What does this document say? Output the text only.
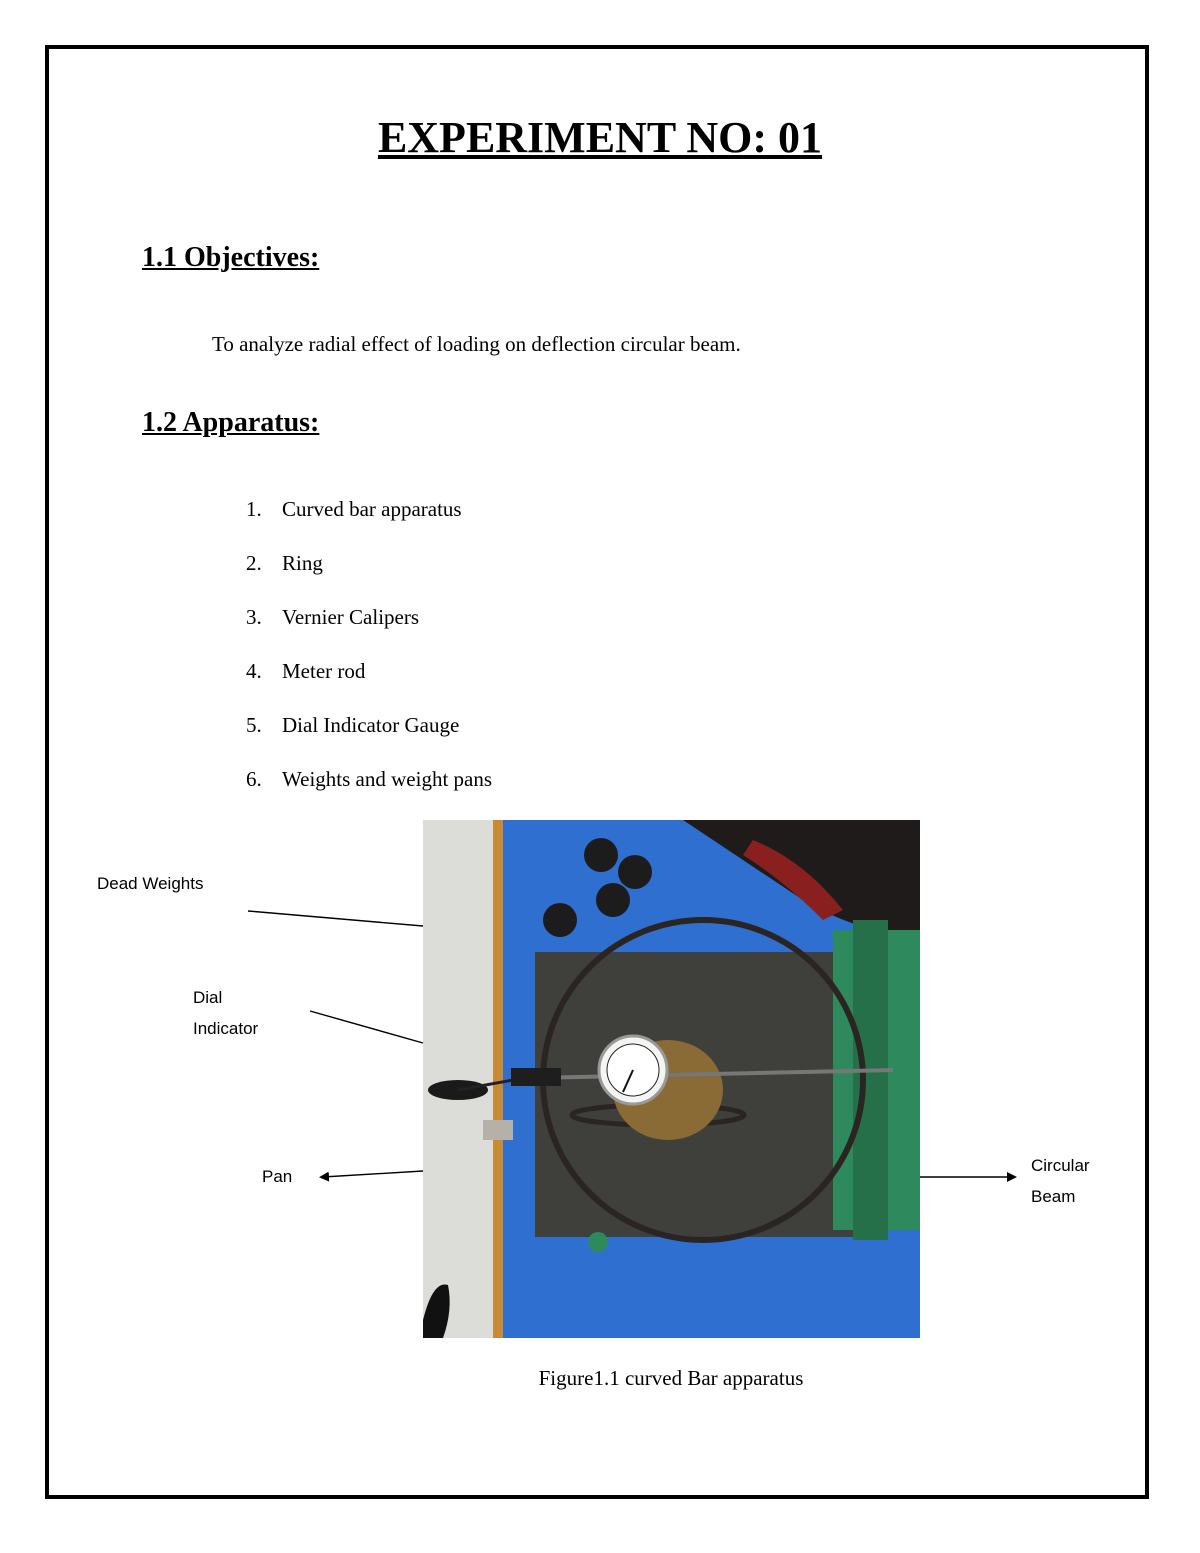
EXPERIMENT NO: 01
1.1 Objectives:
To analyze radial effect of loading on deflection circular beam.
1.2 Apparatus:
1. Curved bar apparatus
2. Ring
3. Vernier Calipers
4. Meter rod
5. Dial Indicator Gauge
6. Weights and weight pans
Dead Weights
Dial
Indicator
Pan
Circular
Beam
Figure1.1 curved Bar apparatus
